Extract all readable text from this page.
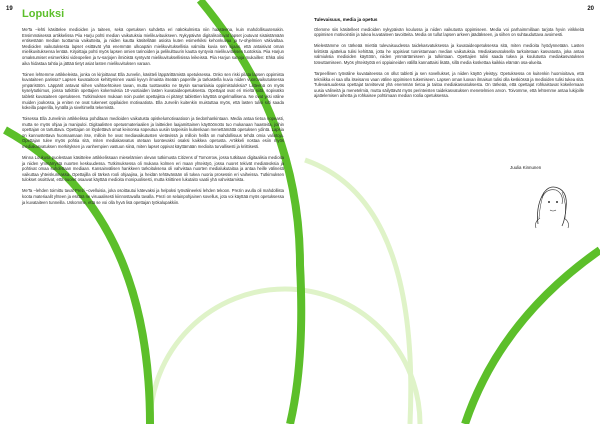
19	20
Lopuksi

MeTa –lehti käsittelee medioiden ja taiteen, sekä opetuksen suhdetta eri näkökulmista niin haasteena, kuin mahdollisuutenakin. Ensimmäisessä artikkelissa Piia Harju pohti median vaikutuksia mielikuvituukseen. Nykypäivän digitalisoituvat lapset joutuvat sisäistämään entisestään median tuottamia vaikutteita, ja niiden kautta käsitellään asioita kuten esimerkiksi kehonkuvaa ja tv-ohjelmien väkivaltaa. Medioiden vaikutuksesta lapset esittävät yhä enemmän ulkoapäin mielikuvituksellisia valmiita kuvia sen sijaan, että antaisivat oman mielikuvituksensa lentää. Kirjoittaja pohti myös lapsen omien tarinoiden ja pelikulttuurin kautta syntyviä mielikuvituksen tuotoksia. Piia Harjun omaksumiset esimerkiksi videopelien ja tv-sarjojen ilmiöistä syntyvät mielikuvituksellisissa leikeissä. Piia Harjun sanoja mukaillen: Ehkä olisi aika hidastaa tahtia ja jättää tietyt asiat lasten mielikuvituksen varaan.

Toinen lehtemme artikkeleista, jonka on kirjoittanut Ella Jurvelin, käsitteli läppärittämistä opetuksessa. Onko sen riski pilata lapsen oppimista kuvataiteen parissa? Lapsen kuvataitoon kehittyminen vaatii kyvyn ilmaista itseään paperille ja tarkastella kuvia niiden vuorovaikutuksessa ympäristöön. Läppärit antavat siihen vaihtoehtoisen tavan, mutta tuottavatko ne täysin samanlaisia oppimistuloksia? Liitteenä on myös kyselytutkimus, joissa tutkittiin opettajien kokemuksia 10-vuotiaiden lasten kuvataideopetuksesta. Opettajat ovat eri mieltä siitä, sopivatko tabletit kuvataiteen opetukseen. Tutkimuksen mukaan noin puolet opettajista ei pitänyt tablettien käyttöä ongelmallisena. Ne ovat yksi väline muiden joukossa, ja eniten ne ovat tukeneet oppilaiden motivaatiota. Ella Jurvelin kuitenkin muistuttaa myös, että lasten tulisi silti saada kokeilla paperilla, kynällä ja siveltimellä tekemistä.

Toisessa Ella Jurvelinin artikkelissa pohditaan medioiden vaikutusta opiskelumotivaatioon ja tiedonhankintaan. Media antaa tietoa nopeasti, mutta se myös ohjaa ja manipuloi. Digitaalisten opetusmateriaalien ja laitteiden laajamittainen käyttöönotto tuo mukanaan haasteita, joihin opettajan on tartuttava. Opettajan on löydettävä omat keinonsa sopeutua uusiin tarpeisiin kuitenkaan menettämättä opetuksen ydintä. Lapsia on kannustettava huomaamaan itse, milloin he ovat mediavaikutusten vietävissä ja milloin heillä on mahdollisuus tehdä omia valintoja. Opettajan tulee myös pohtia sitä, miten mediakasvatus otetaan luontevaksi osaksi kaikkea opetusta. Artikkeli nostaa esiin myös mediakasvatuksen merkityksen ja vanhempien vastuun siinä, miten lapset oppivat käyttämään medioita turvallisesti ja kriittisesti.

Minna Loukusa puolestaan käsittelee artikkelissaan mieselämien olevan tutkimusta Citizens of Tomorrow, jossa tutkitaan digitaalisia medioita ja niiden ymmärrystä nuorten keskuudessa. Tutkimuksessa oli mukana kolmen eri maan yhteistyö, jossa nuoret tekivät mediateoksia ja pohtivat omaa suhdettaan mediaan. Kansainvälisen hankkeen tarkoituksena oli vahvistaa nuorten medialukutaitoa ja antaa heille välineitä vaikuttaa yhteiskunnassa. Opettajilla oli tärkeä rooli ohjaajina, ja heidän tehtävänään oli tukea nuoria prosessin eri vaiheissa. Tutkimuksen tulokset osoittivat, että nuoret osaavat käyttää medioita monipuolisesti, mutta kriittinen lukutaito vaatii yhä vahvistamista.

MeTa –lehden toimittu tavat Prezi –ovelluisia, joka osoittautui kätevaksi ja helpoksi työvälineeksi lehden tekoon. Prezin avulla oli mahdollista koota materiaalit yhteen ja esittää ne visuaalisesti kiinnostavalla tavalla. Prezi on selainpohjainen sovellus, jota voi käyttää myös opetuksessa ja kuvataiteen tunneilla. Uskomme, että se voi olla hyvä lisä opettajan työkalupakkiin.

Tulevaisuus, media ja opetus

Olemme siis käsitelleet medioiden nykypäivän koulussa ja niiden vaikutusta oppimiseen. Media voi parhaimmillaan tarjota hyvin virikkeitä oppimisen motivointiin ja tukea kuvataiteen tavoitteita. Media on tullut lapsen arkeen jäädäkseen, ja siihen on suhtauduttava avoimesti.

Mielestämme on tärkeää miettiä tulevaisuudessa taidekasvatuksessa ja kuvataideopetuksessa sitä, miten medioita hyödynnetään. Lasten kriittistä ajattelua tulisi kehittää, jotta he oppisivat tunnistamaan median vaikutuksia. Mediakasvatuksella tarkoitetaan kasvatusta, joka antaa valmiuksia medioiden käyttöön, niiden ymmärtämiseen ja tulkintaan. Opettajien tulisi saada tukea ja koulutusta mediakasvatuksen toteuttamiseen. Myös yhteistyötä eri oppiaineiden välillä kannattaisi lisätä, sillä media koskettaa kaikkia elämän osa-alueita.

Tarpeellinen työväline kuvataiteessa on ollut tabletti ja sen sovellukset, ja niiden käyttö yleistyy. Opetuksessa on kuitenkin huomioitava, että tekniikka ei saa olla itseisarvo vaan väline oppimisen tukemiseen. Lapsen oman luovan ilmaisun tulisi olla keskiössä ja medioiden tulisi tukea sitä. Tulevaisuudessa opettajat tarvitsevat yhä enemmän tietoa ja taitoa mediakasvatuksesta. On tärkeää, että opettajat rohkaistuvat kokeilemaan uusia välineitä ja menetelmiä, mutta säilyttävät myös perinteisten taidekasvatuksen menetelmien arvon. Toivomme, että lehtemme antaa lukijoille ajattelemisen aihetta ja rohkaisee pohtimaan median roolia opetuksessa.

Juulia Kinnunen
